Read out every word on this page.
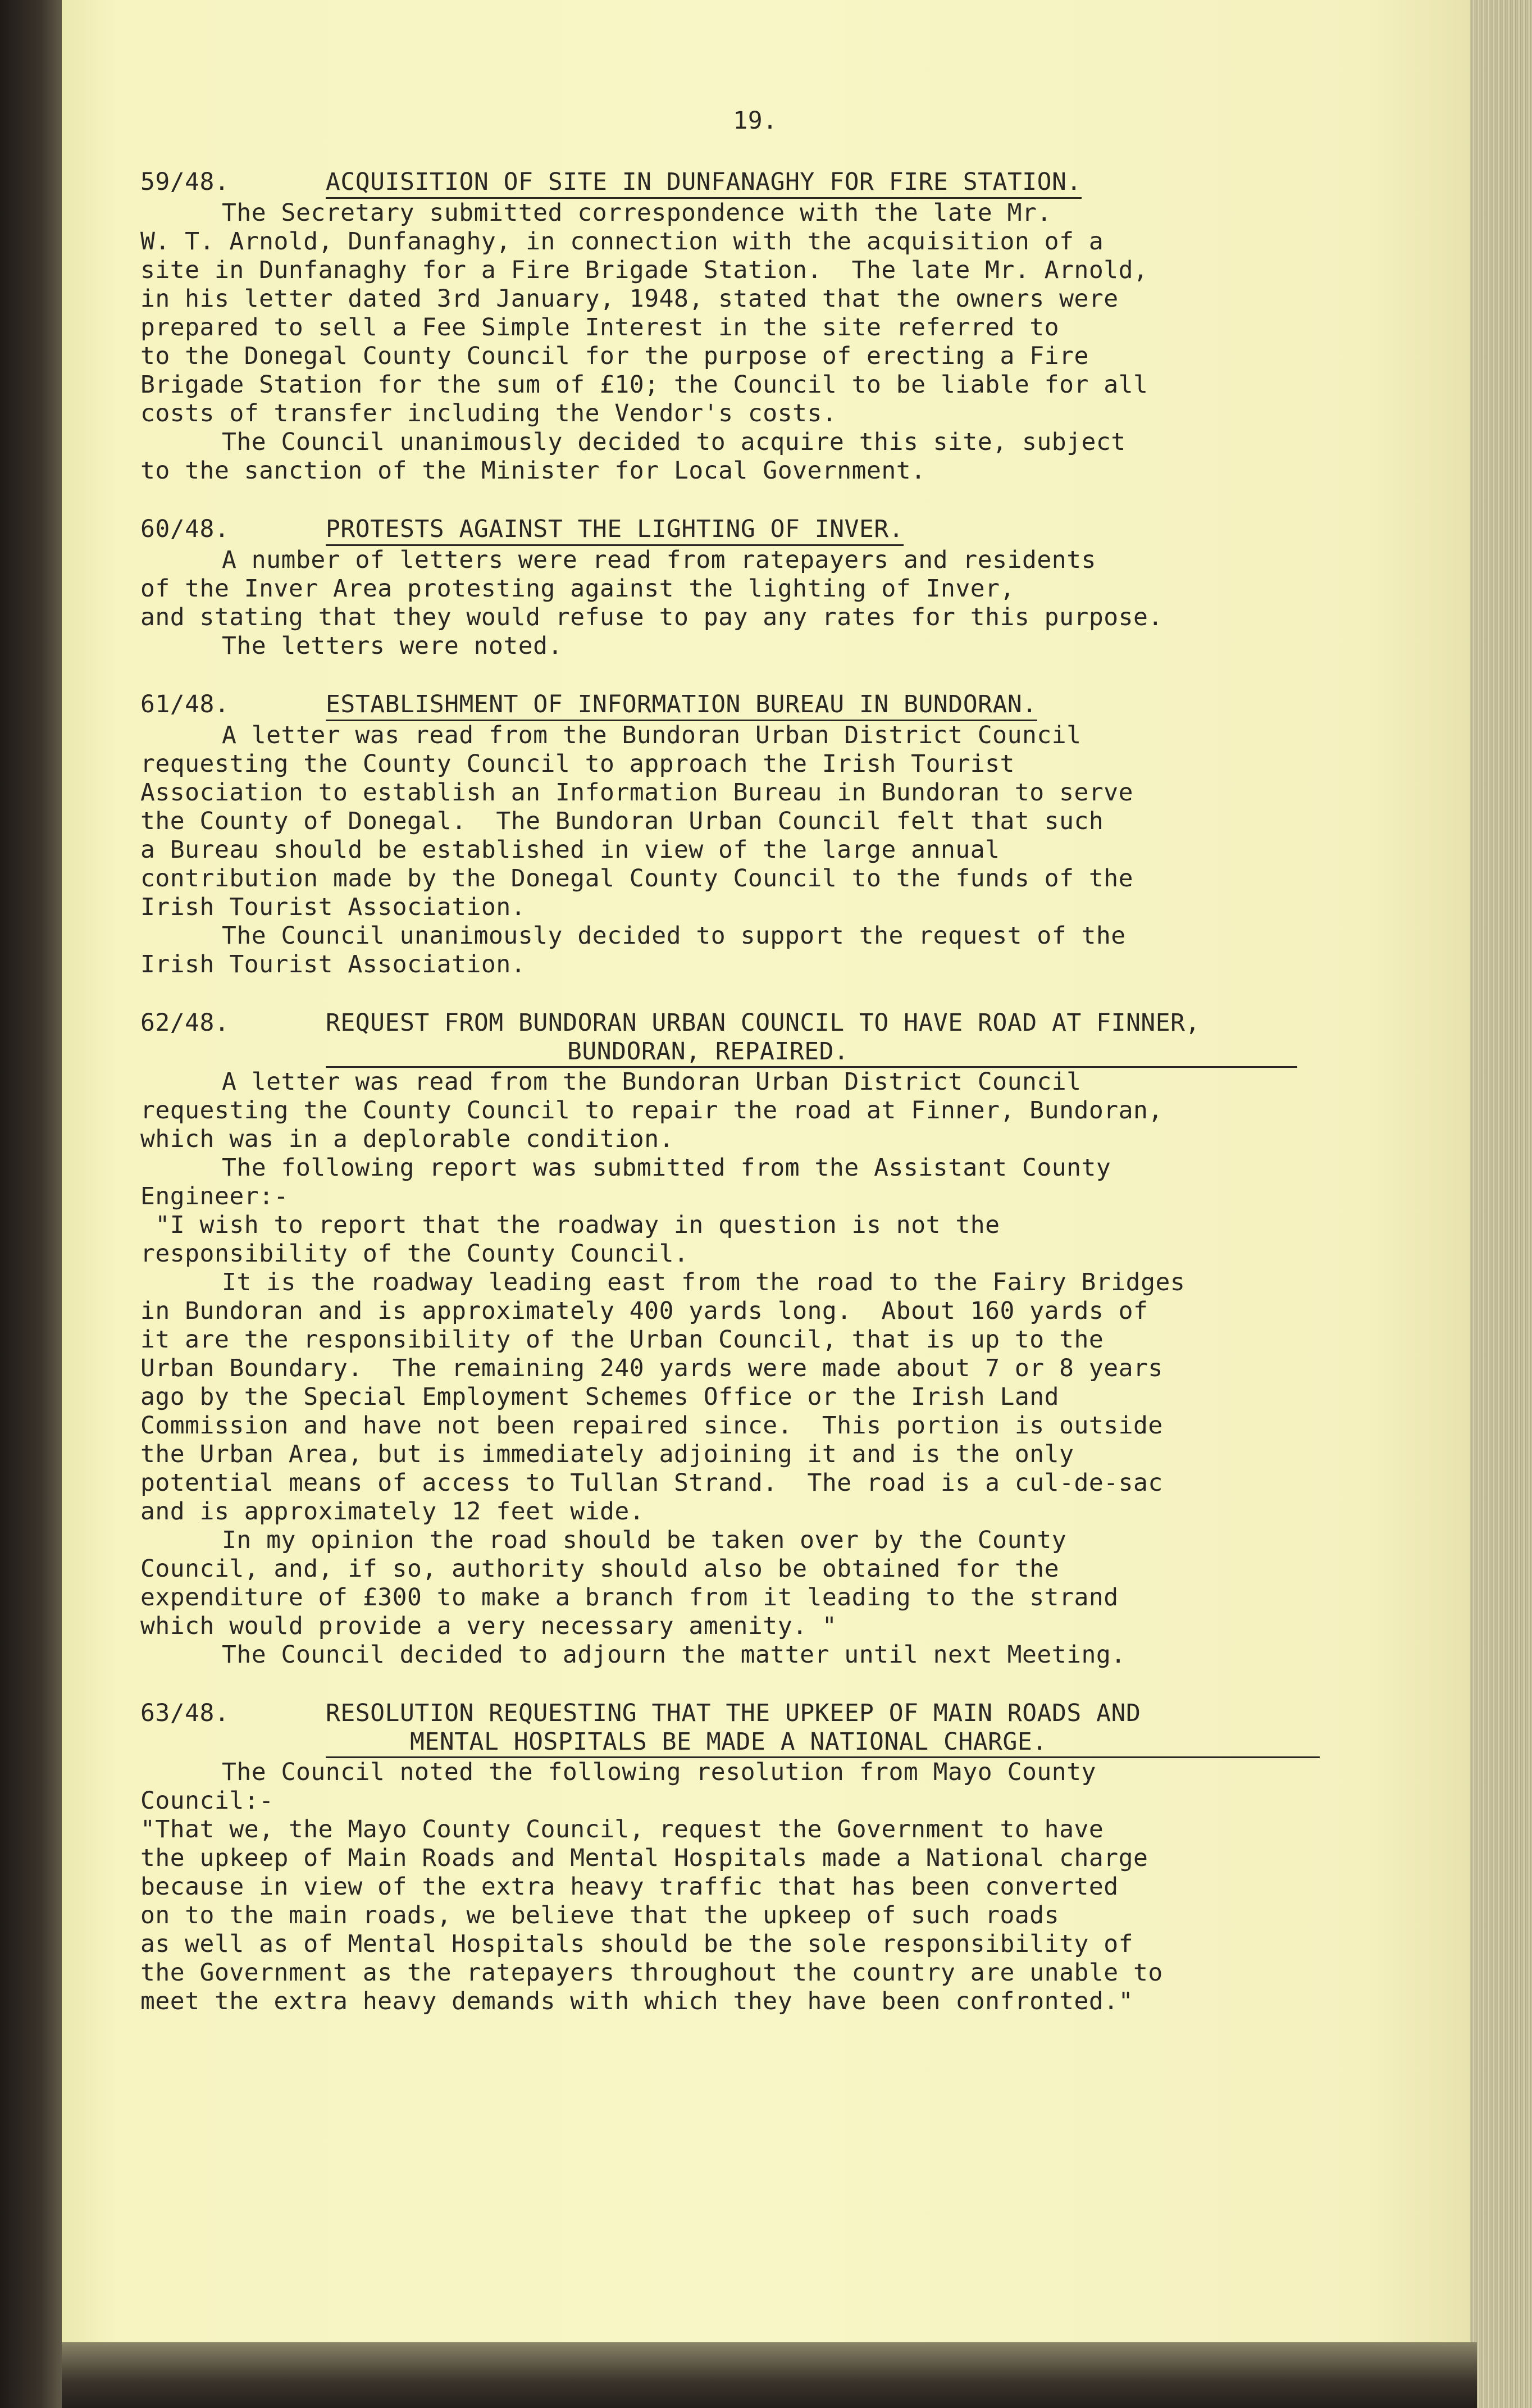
19.
59/48.	ACQUISITION OF SITE IN DUNFANAGHY FOR FIRE STATION.

The Secretary submitted correspondence with the late Mr.
W. T. Arnold, Dunfanaghy, in connection with the acquisition of a
site in Dunfanaghy for a Fire Brigade Station.  The late Mr. Arnold,
in his letter dated 3rd January, 1948, stated that the owners were
prepared to sell a Fee Simple Interest in the site referred to
to the Donegal County Council for the purpose of erecting a Fire
Brigade Station for the sum of £10; the Council to be liable for all
costs of transfer including the Vendor's costs.

The Council unanimously decided to acquire this site, subject
to the sanction of the Minister for Local Government.

60/48.	PROTESTS AGAINST THE LIGHTING OF INVER.

A number of letters were read from ratepayers and residents
of the Inver Area protesting against the lighting of Inver,
and stating that they would refuse to pay any rates for this purpose.

The letters were noted.

61/48.	ESTABLISHMENT OF INFORMATION BUREAU IN BUNDORAN.

A letter was read from the Bundoran Urban District Council
requesting the County Council to approach the Irish Tourist
Association to establish an Information Bureau in Bundoran to serve
the County of Donegal.  The Bundoran Urban Council felt that such
a Bureau should be established in view of the large annual
contribution made by the Donegal County Council to the funds of the
Irish Tourist Association.

The Council unanimously decided to support the request of the
Irish Tourist Association.

62/48.	REQUEST FROM BUNDORAN URBAN COUNCIL TO HAVE ROAD AT FINNER,
BUNDORAN, REPAIRED.

A letter was read from the Bundoran Urban District Council
requesting the County Council to repair the road at Finner, Bundoran,
which was in a deplorable condition.

The following report was submitted from the Assistant County
Engineer:-

"I wish to report that the roadway in question is not the
responsibility of the County Council.

It is the roadway leading east from the road to the Fairy Bridges
in Bundoran and is approximately 400 yards long.  About 160 yards of
it are the responsibility of the Urban Council, that is up to the
Urban Boundary.  The remaining 240 yards were made about 7 or 8 years
ago by the Special Employment Schemes Office or the Irish Land
Commission and have not been repaired since.  This portion is outside
the Urban Area, but is immediately adjoining it and is the only
potential means of access to Tullan Strand.  The road is a cul-de-sac
and is approximately 12 feet wide.

In my opinion the road should be taken over by the County
Council, and, if so, authority should also be obtained for the
expenditure of £300 to make a branch from it leading to the strand
which would provide a very necessary amenity. "

The Council decided to adjourn the matter until next Meeting.

63/48.	RESOLUTION REQUESTING THAT THE UPKEEP OF MAIN ROADS AND
MENTAL HOSPITALS BE MADE A NATIONAL CHARGE.

The Council noted the following resolution from Mayo County
Council:-

"That we, the Mayo County Council, request the Government to have
the upkeep of Main Roads and Mental Hospitals made a National charge
because in view of the extra heavy traffic that has been converted
on to the main roads, we believe that the upkeep of such roads
as well as of Mental Hospitals should be the sole responsibility of
the Government as the ratepayers throughout the country are unable to
meet the extra heavy demands with which they have been confronted."
